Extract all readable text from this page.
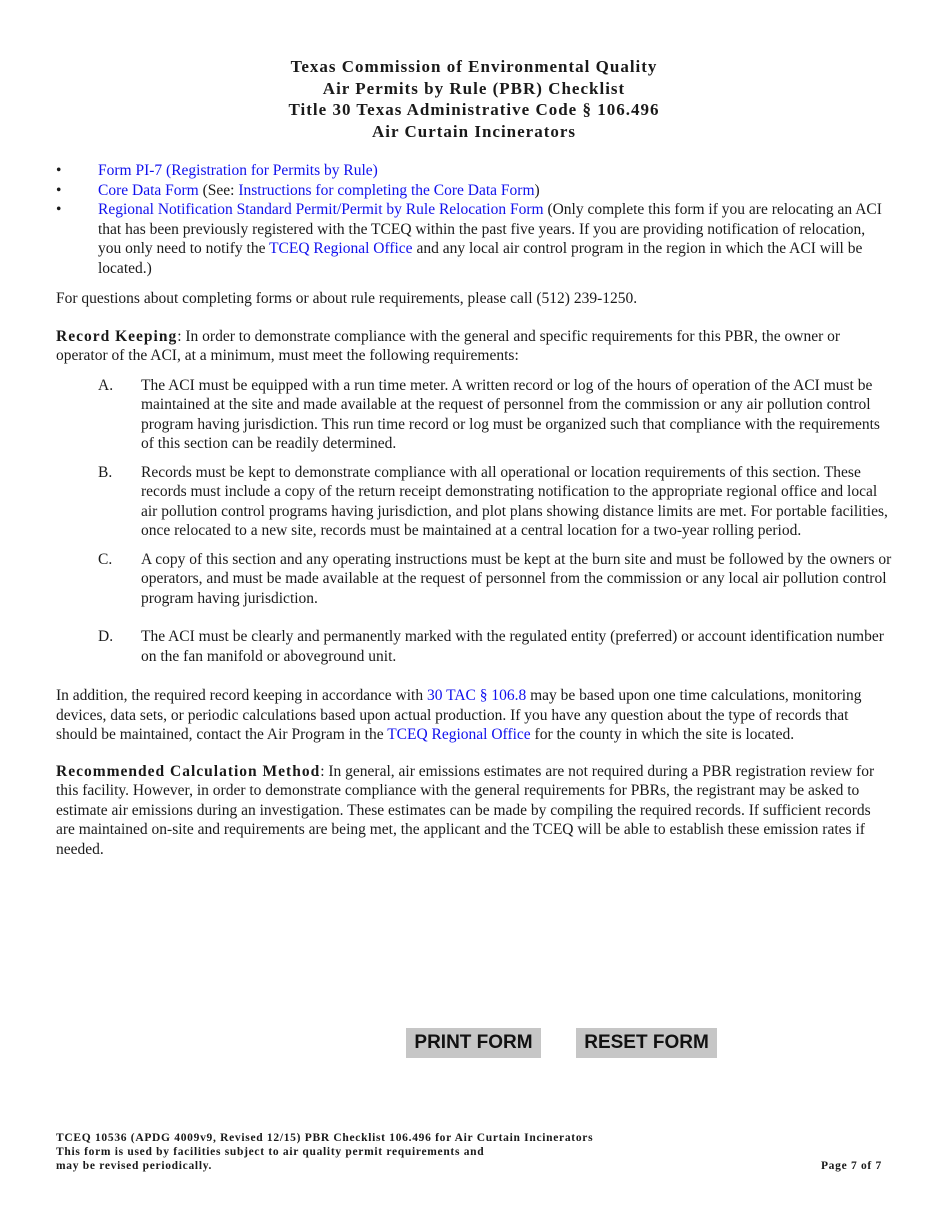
Texas Commission of Environmental Quality
Air Permits by Rule (PBR) Checklist
Title 30 Texas Administrative Code § 106.496
Air Curtain Incinerators
• Form PI-7 (Registration for Permits by Rule)
• Core Data Form (See: Instructions for completing the Core Data Form)
• Regional Notification Standard Permit/Permit by Rule Relocation Form (Only complete this form if you are relocating an ACI that has been previously registered with the TCEQ within the past five years. If you are providing notification of relocation, you only need to notify the TCEQ Regional Office and any local air control program in the region in which the ACI will be located.)

For questions about completing forms or about rule requirements, please call (512) 239-1250.

Record Keeping: In order to demonstrate compliance with the general and specific requirements for this PBR, the owner or operator of the ACI, at a minimum, must meet the following requirements:

A. The ACI must be equipped with a run time meter. A written record or log of the hours of operation of the ACI must be maintained at the site and made available at the request of personnel from the commission or any air pollution control program having jurisdiction. This run time record or log must be organized such that compliance with the requirements of this section can be readily determined.
B. Records must be kept to demonstrate compliance with all operational or location requirements of this section. These records must include a copy of the return receipt demonstrating notification to the appropriate regional office and local air pollution control programs having jurisdiction, and plot plans showing distance limits are met. For portable facilities, once relocated to a new site, records must be maintained at a central location for a two-year rolling period.
C. A copy of this section and any operating instructions must be kept at the burn site and must be followed by the owners or operators, and must be made available at the request of personnel from the commission or any local air pollution control program having jurisdiction.
D. The ACI must be clearly and permanently marked with the regulated entity (preferred) or account identification number on the fan manifold or aboveground unit.

In addition, the required record keeping in accordance with 30 TAC § 106.8 may be based upon one time calculations, monitoring devices, data sets, or periodic calculations based upon actual production. If you have any question about the type of records that should be maintained, contact the Air Program in the TCEQ Regional Office for the county in which the site is located.

Recommended Calculation Method: In general, air emissions estimates are not required during a PBR registration review for this facility. However, in order to demonstrate compliance with the general requirements for PBRs, the registrant may be asked to estimate air emissions during an investigation. These estimates can be made by compiling the required records. If sufficient records are maintained on-site and requirements are being met, the applicant and the TCEQ will be able to establish these emission rates if needed.

PRINT FORM	RESET FORM
TCEQ 10536 (APDG 4009v9, Revised 12/15) PBR Checklist 106.496 for Air Curtain Incinerators
This form is used by facilities subject to air quality permit requirements and
may be revised periodically.	Page 7 of 7
